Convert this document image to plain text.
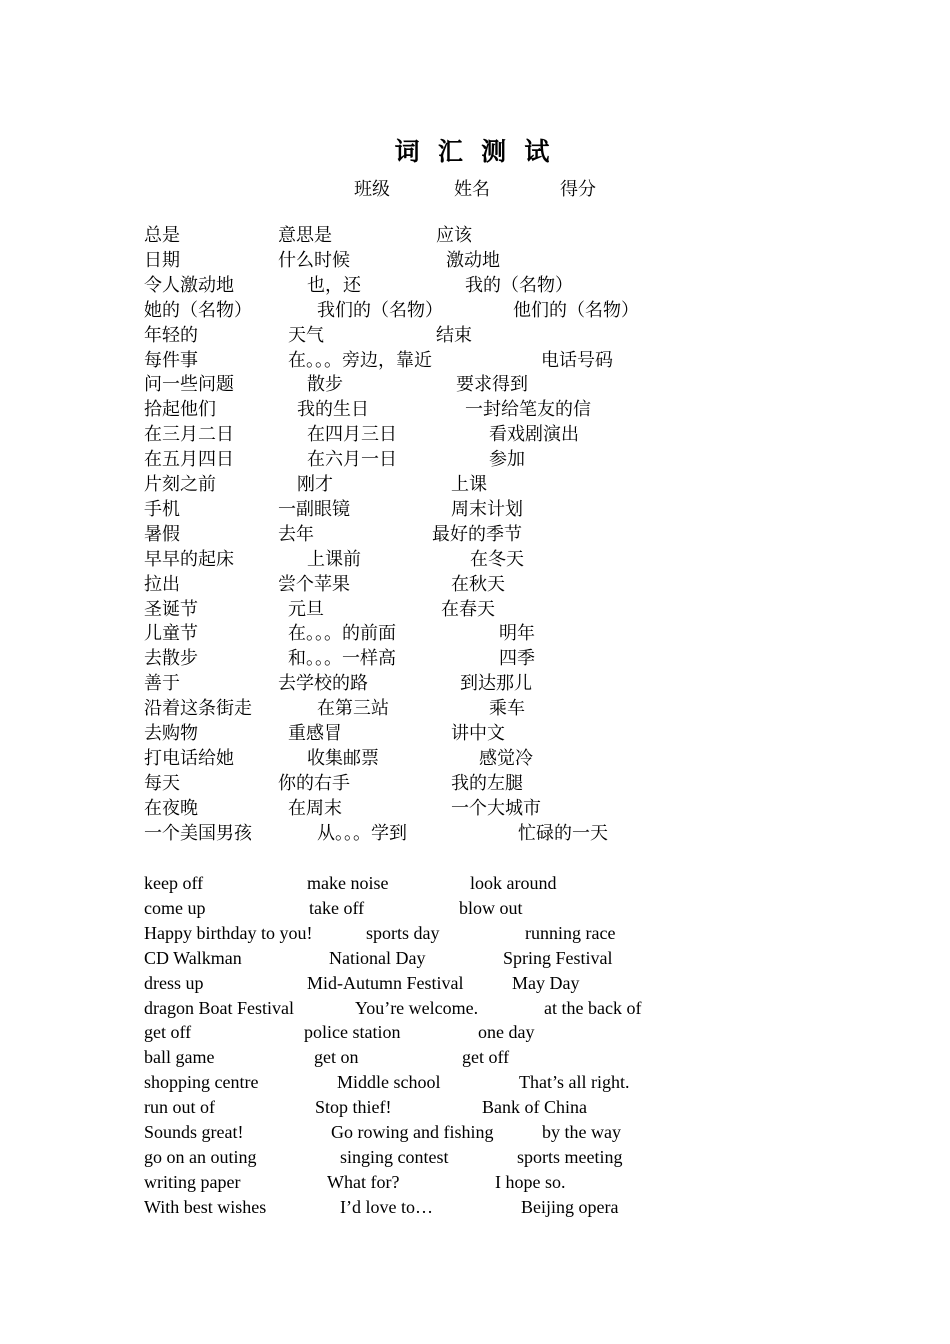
词 汇 测 试
班级	姓名	得分
总是	意思是	应该
日期	什么时候	激动地
令人激动地	也，还	我的（名物）
她的（名物）	我们的（名物）	他们的（名物）
年轻的	天气	结束
每件事	在。。。旁边，靠近	电话号码
问一些问题	散步	要求得到
拾起他们	我的生日	一封给笔友的信
在三月二日	在四月三日	看戏剧演出
在五月四日	在六月一日	参加
片刻之前	刚才	上课
手机	一副眼镜	周末计划
暑假	去年	最好的季节
早早的起床	上课前	在冬天
拉出	尝个苹果	在秋天
圣诞节	元旦	在春天
儿童节	在。。。的前面	明年
去散步	和。。。一样高	四季
善于	去学校的路	到达那儿
沿着这条街走	在第三站	乘车
去购物	重感冒	讲中文
打电话给她	收集邮票	感觉冷
每天	你的右手	我的左腿
在夜晚	在周末	一个大城市
一个美国男孩	从。。。学到	忙碌的一天
keep off	make noise	look around
come up	take off	blow out
Happy birthday to you!	sports day	running race
CD Walkman	National Day	Spring Festival
dress up	Mid-Autumn Festival	May Day
dragon Boat Festival	You’re welcome.	at the back of
get off	police station	one day
ball game	get on	get off
shopping centre	Middle school	That’s all right.
run out of	Stop thief!	Bank of China
Sounds great!	Go rowing and fishing	by the way
go on an outing	singing contest	sports meeting
writing paper	What for?	I hope so.
With best wishes	I’d love to…	Beijing opera
